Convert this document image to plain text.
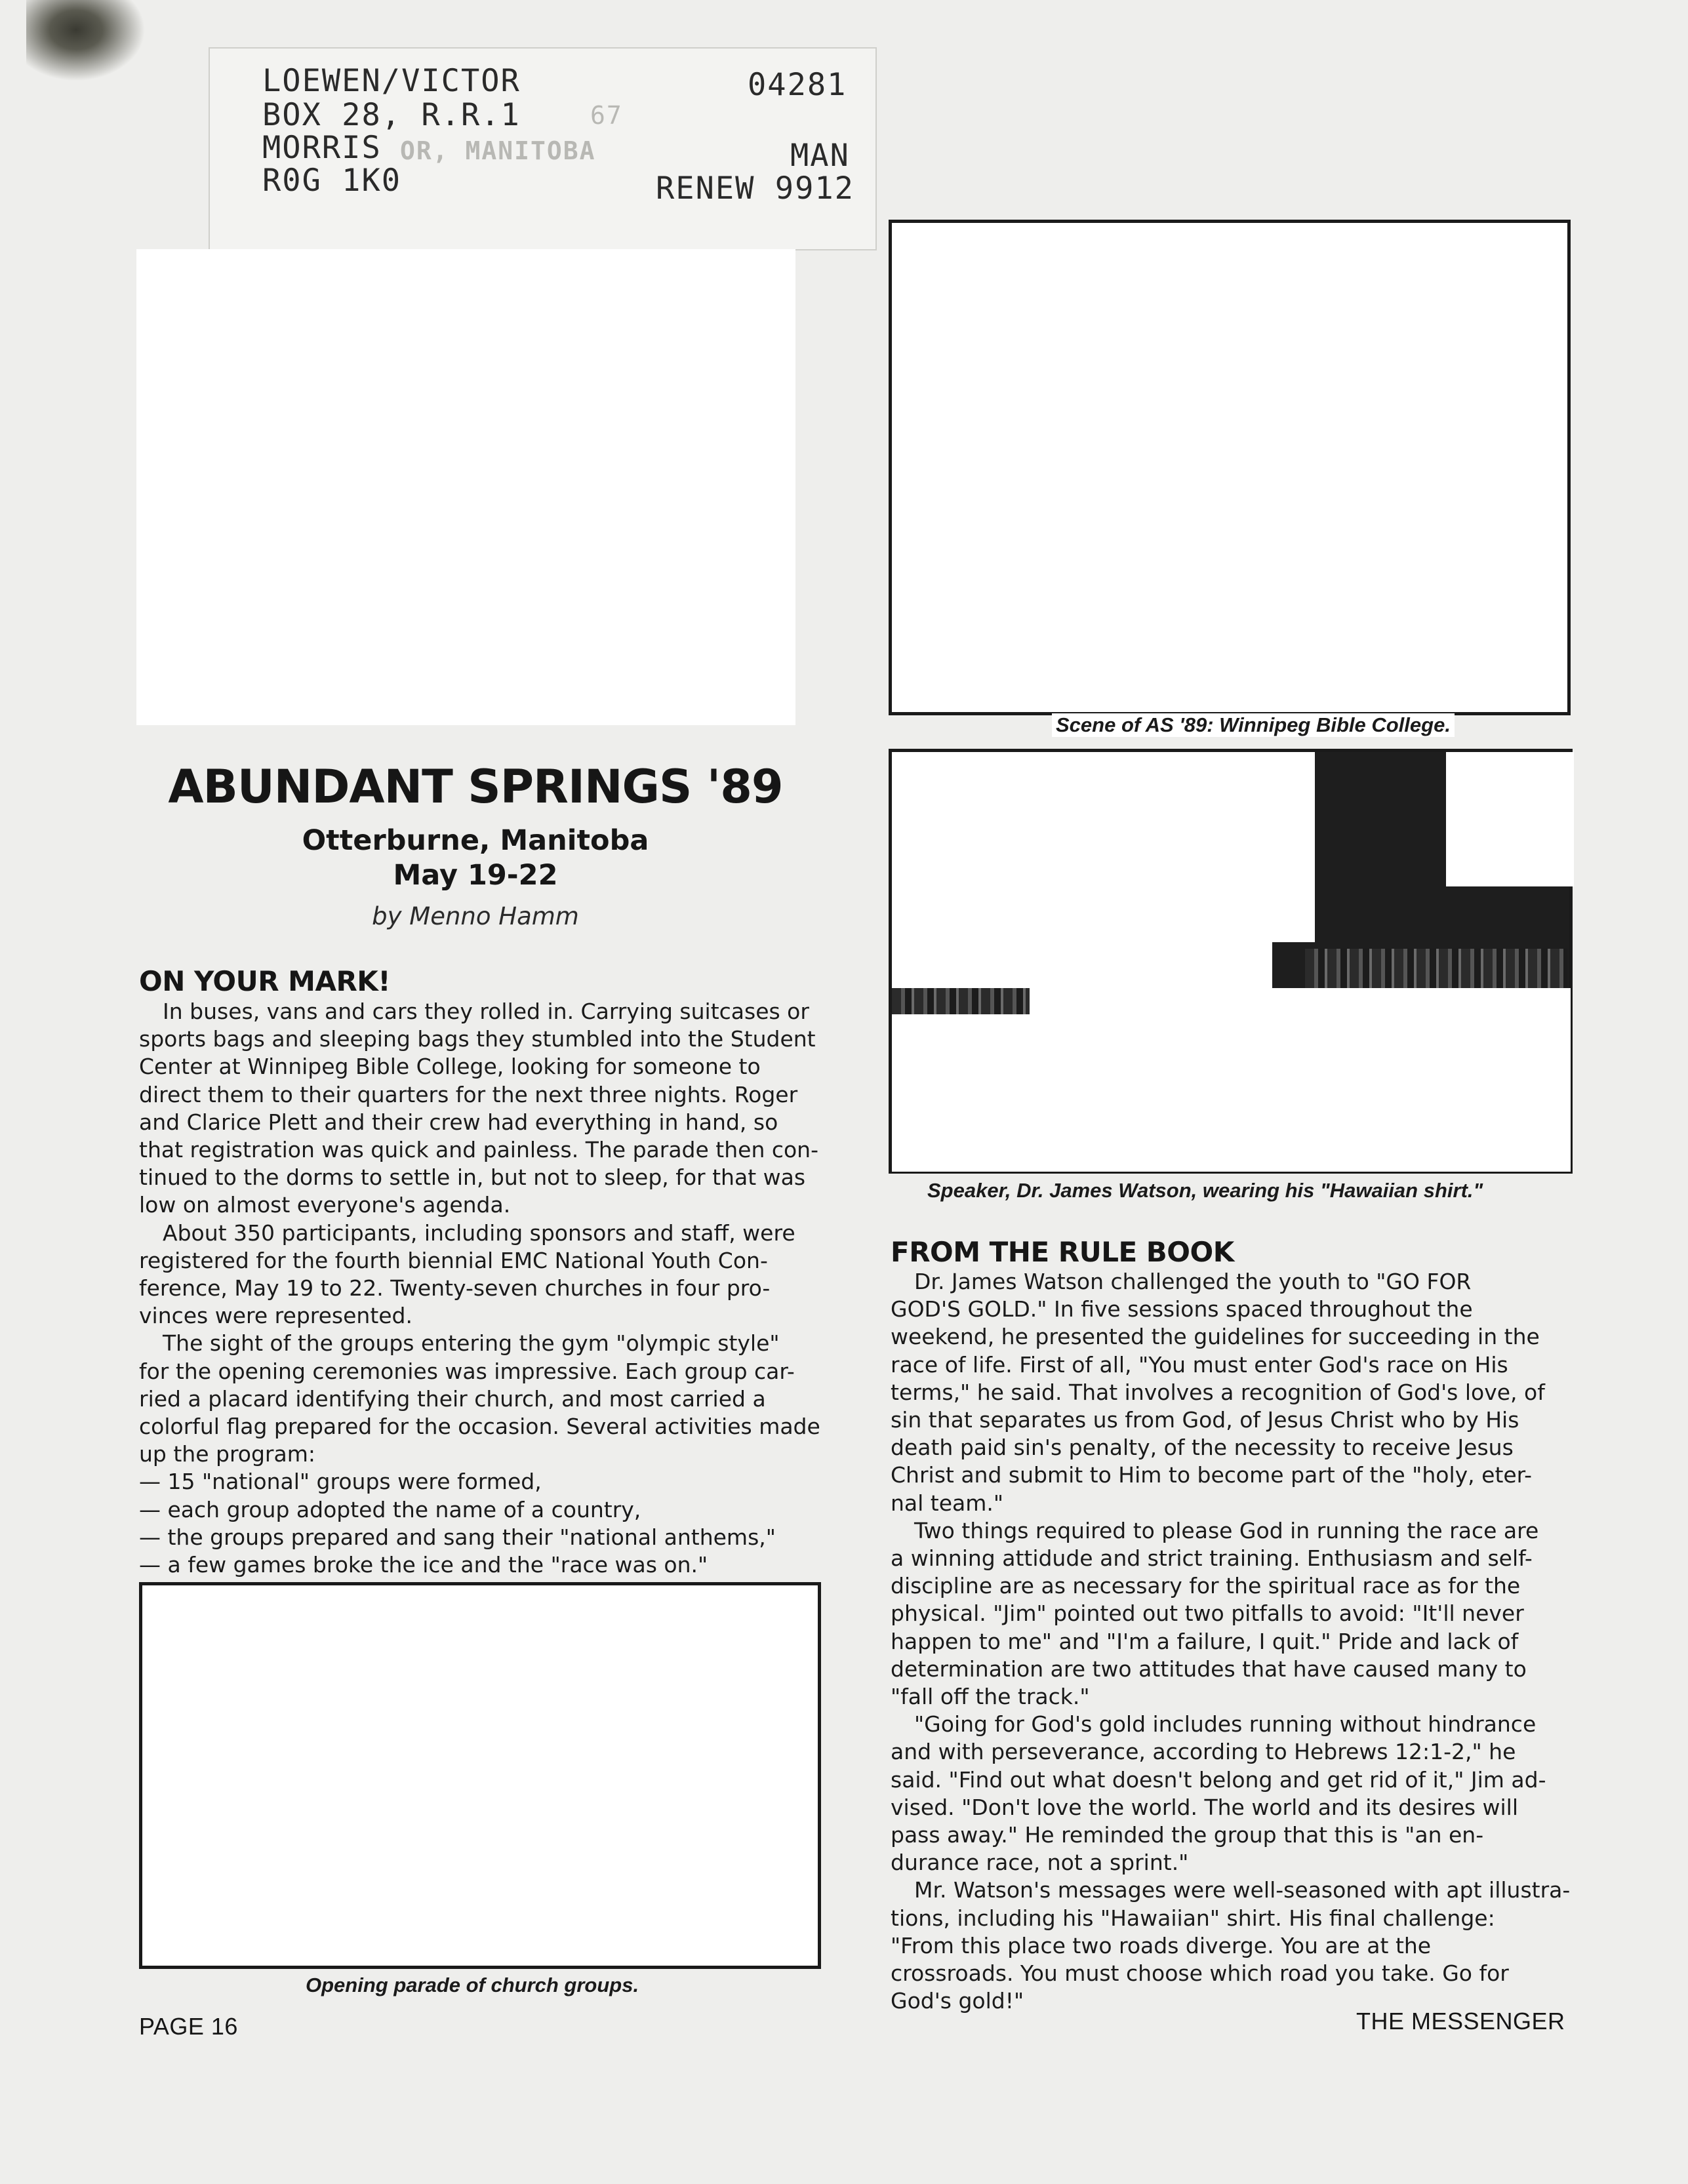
LOEWEN/VICTOR	04281
BOX 28, R.R.1	67
MORRIS OR, MANITOBA	MAN
R0G 1K0	RENEW 9912
Scene of AS '89: Winnipeg Bible College.
Speaker, Dr. James Watson, wearing his "Hawaiian shirt."
Opening parade of church groups.
ABUNDANT SPRINGS '89
Otterburne, Manitoba
May 19-22
by Menno Hamm
ON YOUR MARK!
In buses, vans and cars they rolled in. Carrying suitcases or
sports bags and sleeping bags they stumbled into the Student
Center at Winnipeg Bible College, looking for someone to
direct them to their quarters for the next three nights. Roger
and Clarice Plett and their crew had everything in hand, so
that registration was quick and painless. The parade then con-
tinued to the dorms to settle in, but not to sleep, for that was
low on almost everyone's agenda.
About 350 participants, including sponsors and staff, were
registered for the fourth biennial EMC National Youth Con-
ference, May 19 to 22. Twenty-seven churches in four pro-
vinces were represented.
The sight of the groups entering the gym "olympic style"
for the opening ceremonies was impressive. Each group car-
ried a placard identifying their church, and most carried a
colorful flag prepared for the occasion. Several activities made
up the program:
— 15 "national" groups were formed,
— each group adopted the name of a country,
— the groups prepared and sang their "national anthems,"
— a few games broke the ice and the "race was on."
FROM THE RULE BOOK
Dr. James Watson challenged the youth to "GO FOR
GOD'S GOLD." In five sessions spaced throughout the
weekend, he presented the guidelines for succeeding in the
race of life. First of all, "You must enter God's race on His
terms," he said. That involves a recognition of God's love, of
sin that separates us from God, of Jesus Christ who by His
death paid sin's penalty, of the necessity to receive Jesus
Christ and submit to Him to become part of the "holy, eter-
nal team."
Two things required to please God in running the race are
a winning attidude and strict training. Enthusiasm and self-
discipline are as necessary for the spiritual race as for the
physical. "Jim" pointed out two pitfalls to avoid: "It'll never
happen to me" and "I'm a failure, I quit." Pride and lack of
determination are two attitudes that have caused many to
"fall off the track."
"Going for God's gold includes running without hindrance
and with perseverance, according to Hebrews 12:1-2," he
said. "Find out what doesn't belong and get rid of it," Jim ad-
vised. "Don't love the world. The world and its desires will
pass away." He reminded the group that this is "an en-
durance race, not a sprint."
Mr. Watson's messages were well-seasoned with apt illustra-
tions, including his "Hawaiian" shirt. His final challenge:
"From this place two roads diverge. You are at the
crossroads. You must choose which road you take. Go for
God's gold!"
PAGE 16	THE MESSENGER
